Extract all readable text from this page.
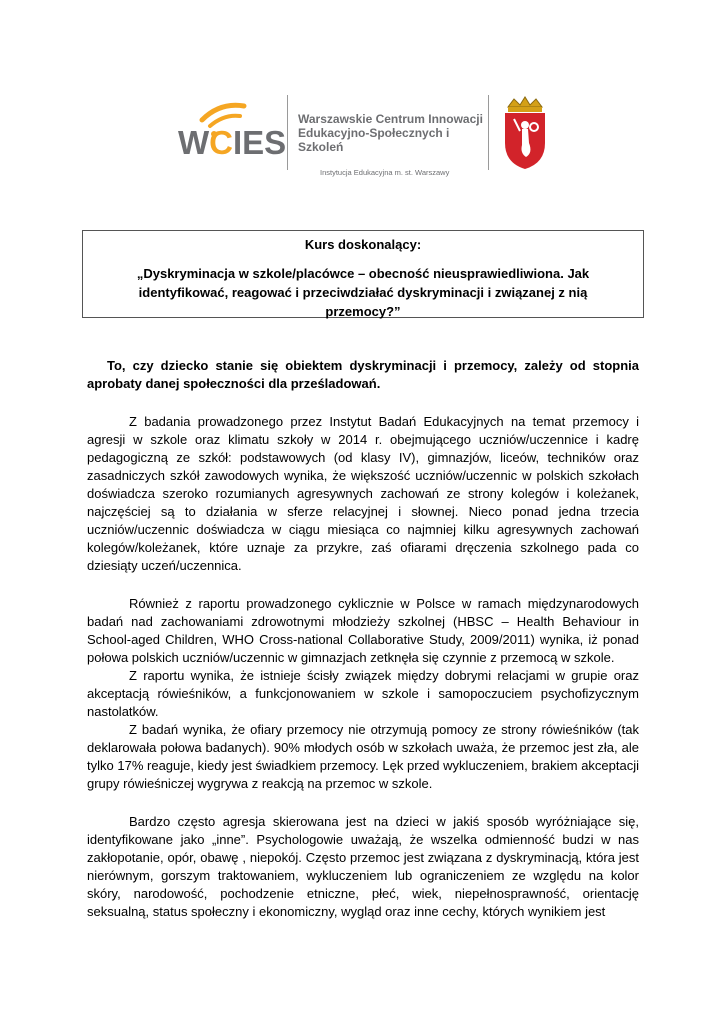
WCIES
Warszawskie Centrum Innowacji
Edukacyjno-Społecznych i Szkoleń
Instytucja Edukacyjna m. st. Warszawy
Kurs doskonalący:
„Dyskryminacja w szkole/placówce – obecność nieusprawiedliwiona. Jak identyfikować, reagować i przeciwdziałać dyskryminacji i związanej z nią przemocy?”

To, czy dziecko stanie się obiektem dyskryminacji i przemocy, zależy od stopnia aprobaty danej społeczności dla prześladowań.

Z badania prowadzonego przez Instytut Badań Edukacyjnych na temat przemocy i agresji w szkole oraz klimatu szkoły w 2014 r. obejmującego uczniów/uczennice i kadrę pedagogiczną ze szkół: podstawowych (od klasy IV), gimnazjów, liceów, techników oraz zasadniczych szkół zawodowych wynika, że większość uczniów/uczennic w polskich szkołach doświadcza szeroko rozumianych agresywnych zachowań ze strony kolegów i koleżanek, najczęściej są to działania w sferze relacyjnej i słownej. Nieco ponad jedna trzecia uczniów/uczennic doświadcza w ciągu miesiąca co najmniej kilku agresywnych zachowań kolegów/koleżanek, które uznaje za przykre, zaś ofiarami dręczenia szkolnego pada co dziesiąty uczeń/uczennica.

Również z raportu prowadzonego cyklicznie w Polsce w ramach międzynarodowych badań nad zachowaniami zdrowotnymi młodzieży szkolnej (HBSC – Health Behaviour in School-aged Children, WHO Cross-national Collaborative Study, 2009/2011) wynika, iż ponad połowa polskich uczniów/uczennic w gimnazjach zetknęła się czynnie z przemocą w szkole.

Z raportu wynika, że istnieje ścisły związek między dobrymi relacjami w grupie oraz akceptacją rówieśników, a funkcjonowaniem w szkole i samopoczuciem psychofizycznym nastolatków.

Z badań wynika, że ofiary przemocy nie otrzymują pomocy ze strony rówieśników (tak deklarowała połowa badanych). 90% młodych osób w szkołach uważa, że przemoc jest zła, ale tylko 17% reaguje, kiedy jest świadkiem przemocy. Lęk przed wykluczeniem, brakiem akceptacji grupy rówieśniczej wygrywa z reakcją na przemoc w szkole.

Bardzo często agresja skierowana jest na dzieci w jakiś sposób wyróżniające się, identyfikowane jako „inne”. Psychologowie uważają, że wszelka odmienność budzi w nas zakłopotanie, opór, obawę , niepokój. Często przemoc jest związana z dyskryminacją, która jest nierównym, gorszym traktowaniem, wykluczeniem lub ograniczeniem ze względu na kolor skóry, narodowość, pochodzenie etniczne, płeć, wiek, niepełnosprawność, orientację seksualną, status społeczny i ekonomiczny, wygląd oraz inne cechy, których wynikiem jest
